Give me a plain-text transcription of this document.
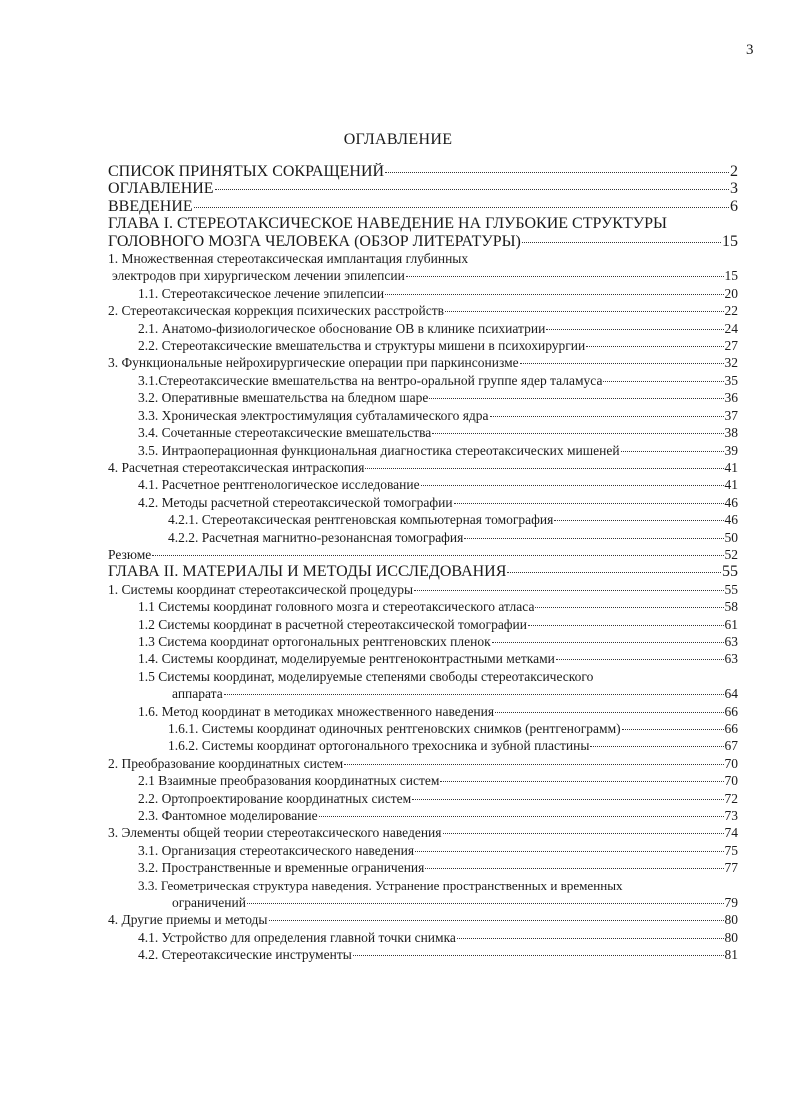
3
ОГЛАВЛЕНИЕ
СПИСОК ПРИНЯТЫХ СОКРАЩЕНИЙ	2
ОГЛАВЛЕНИЕ	3
ВВЕДЕНИЕ	6
ГЛАВА I. СТЕРЕОТАКСИЧЕСКОЕ НАВЕДЕНИЕ НА ГЛУБОКИЕ СТРУКТУРЫ
ГОЛОВНОГО МОЗГА ЧЕЛОВЕКА (ОБЗОР ЛИТЕРАТУРЫ)	15
1. Множественная стереотаксическая имплантация глубинных
электродов при хирургическом лечении эпилепсии	15
1.1. Стереотаксическое лечение эпилепсии	20
2. Стереотаксическая коррекция психических расстройств	22
2.1. Анатомо-физиологическое обоснование ОВ в клинике психиатрии	24
2.2. Стереотаксические вмешательства и структуры мишени в психохирургии	27
3. Функциональные нейрохирургические операции при паркинсонизме	32
3.1.Стереотаксические вмешательства на вентро-оральной группе ядер таламуса	35
3.2. Оперативные вмешательства на бледном шаре	36
3.3. Хроническая электростимуляция субталамического ядра	37
3.4. Сочетанные стереотаксические вмешательства	38
3.5. Интраоперационная функциональная диагностика стереотаксических мишеней	39
4. Расчетная стереотаксическая интраскопия	41
4.1. Расчетное рентгенологическое исследование	41
4.2. Методы расчетной стереотаксической томографии	46
4.2.1. Стереотаксическая рентгеновская компьютерная томография	46
4.2.2. Расчетная магнитно-резонансная томография	50
Резюме	52
ГЛАВА II. МАТЕРИАЛЫ И МЕТОДЫ ИССЛЕДОВАНИЯ	55
1. Системы координат стереотаксической процедуры	55
1.1 Системы координат головного мозга и стереотаксического атласа	58
1.2 Системы координат в расчетной стереотаксической томографии	61
1.3 Система координат ортогональных рентгеновских пленок	63
1.4. Системы координат, моделируемые рентгеноконтрастными метками	63
1.5 Системы координат, моделируемые степенями свободы стереотаксического
аппарата	64
1.6. Метод координат в методиках множественного наведения	66
1.6.1. Системы координат одиночных рентгеновских снимков (рентгенограмм)	66
1.6.2. Системы координат ортогонального трехосника и зубной пластины	67
2. Преобразование координатных систем	70
2.1 Взаимные преобразования координатных систем	70
2.2. Ортопроектирование координатных систем	72
2.3. Фантомное моделирование	73
3. Элементы общей теории стереотаксического наведения	74
3.1. Организация стереотаксического наведения	75
3.2. Пространственные и временные ограничения	77
3.3. Геометрическая структура наведения. Устранение пространственных и временных
ограничений	79
4. Другие приемы и методы	80
4.1. Устройство для определения главной точки снимка	80
4.2. Стереотаксические инструменты	81
